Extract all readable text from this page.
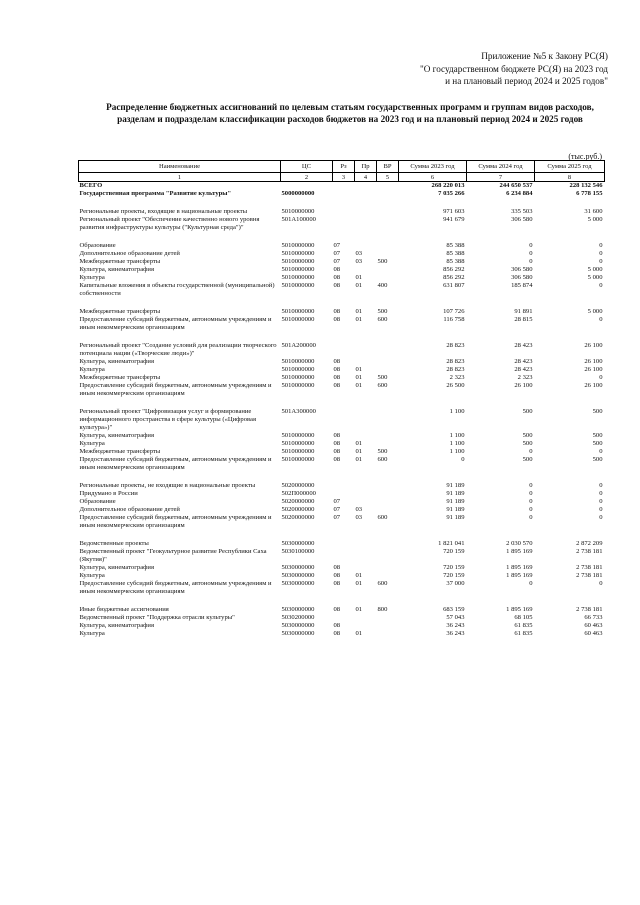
Приложение №5 к Закону РС(Я)
"О государственном бюджете РС(Я) на 2023 год
и на плановый период 2024 и 2025 годов"
Распределение бюджетных ассигнований по целевым статьям государственных программ и группам видов расходов, разделам и подразделам классификации расходов бюджетов на 2023 год и на плановый период 2024 и 2025 годов
(тыс.руб.)
Наименование	ЦС	Рз	Пр	ВР	Сумма 2023 год	Сумма 2024 год	Сумма 2025 год
1	2	3	4	5	6	7	8
ВСЕГО					268 220 013	244 650 537	228 132 546
Государственная программа "Развитие культуры"	5000000000				7 035 266	6 234 884	6 778 155

Региональные проекты, входящие в национальные проекты	5010000000				971 603	335 503	31 600
Региональный проект "Обеспечение качественно нового уровня развития инфраструктуры культуры ("Культурная среда")"	501А100000				941 679	306 580	5 000

Образование	5010000000	07			85 388	0	0
Дополнительное образование детей	5010000000	07	03		85 388	0	0
Межбюджетные трансферты	5010000000	07	03	500	85 388	0	0
Культура, кинематография	5010000000	08			856 292	306 580	5 000
Культура	5010000000	08	01		856 292	306 580	5 000
Капитальные вложения в объекты государственной (муниципальной) собственности	5010000000	08	01	400	631 807	185 874	0

Межбюджетные трансферты	5010000000	08	01	500	107 726	91 891	5 000
Предоставление субсидий бюджетным, автономным учреждениям и иным некоммерческим организациям	5010000000	08	01	600	116 758	28 815	0

Региональный проект "Создание условий для реализации творческого потенциала нации («Творческие люди»)"	501А200000				28 823	28 423	26 100
Культура, кинематография	5010000000	08			28 823	28 423	26 100
Культура	5010000000	08	01		28 823	28 423	26 100
Межбюджетные трансферты	5010000000	08	01	500	2 323	2 323	0
Предоставление субсидий бюджетным, автономным учреждениям и иным некоммерческим организациям	5010000000	08	01	600	26 500	26 100	26 100

Региональный проект "Цифровизация услуг и формирование информационного пространства в сфере культуры («Цифровая культура»)"	501А300000				1 100	500	500
Культура, кинематография	5010000000	08			1 100	500	500
Культура	5010000000	08	01		1 100	500	500
Межбюджетные трансферты	5010000000	08	01	500	1 100	0	0
Предоставление субсидий бюджетным, автономным учреждениям и иным некоммерческим организациям	5010000000	08	01	600	0	500	500

Региональные проекты, не входящие в национальные проекты	5020000000				91 189	0	0
Придумано в России	502П000000				91 189	0	0
Образование	5020000000	07			91 189	0	0
Дополнительное образование детей	5020000000	07	03		91 189	0	0
Предоставление субсидий бюджетным, автономным учреждениям и иным некоммерческим организациям	5020000000	07	03	600	91 189	0	0

Ведомственные проекты	5030000000				1 821 041	2 030 570	2 872 209
Ведомственный проект "Геокультурное развитие Республики Саха (Якутия)"	5030100000				720 159	1 895 169	2 738 181
Культура, кинематография	5030000000	08			720 159	1 895 169	2 738 181
Культура	5030000000	08	01		720 159	1 895 169	2 738 181
Предоставление субсидий бюджетным, автономным учреждениям и иным некоммерческим организациям	5030000000	08	01	600	37 000	0	0

Иные бюджетные ассигнования	5030000000	08	01	800	683 159	1 895 169	2 738 181
Ведомственный проект "Поддержка отрасли культуры"	5030200000				57 043	68 105	66 733
Культура, кинематография	5030000000	08			36 243	61 835	60 463
Культура	5030000000	08	01		36 243	61 835	60 463
